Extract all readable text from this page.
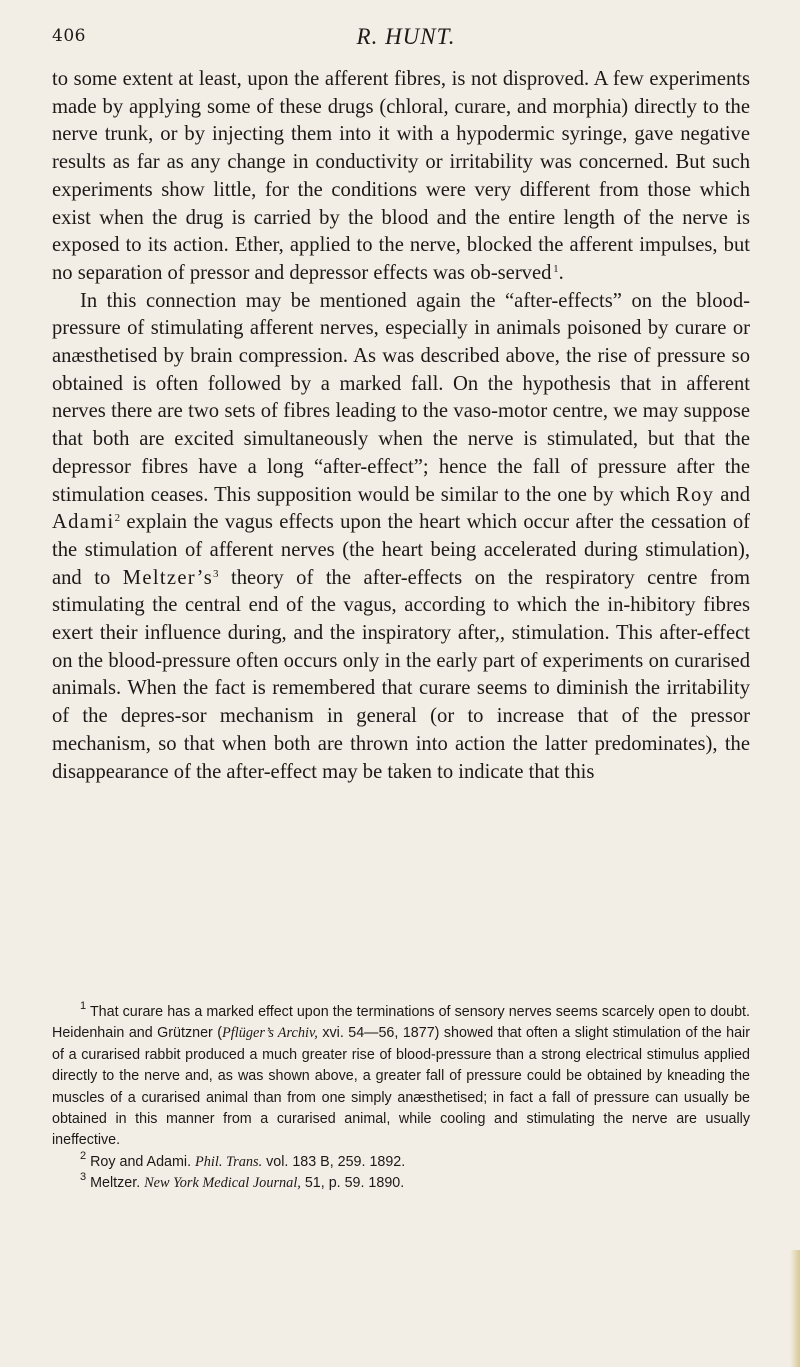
406	R. HUNT.

to some extent at least, upon the afferent fibres, is not disproved. A few experiments made by applying some of these drugs (chloral, curare, and morphia) directly to the nerve trunk, or by injecting them into it with a hypodermic syringe, gave negative results as far as any change in conductivity or irritability was concerned. But such experiments show little, for the conditions were very different from those which exist when the drug is carried by the blood and the entire length of the nerve is exposed to its action. Ether, applied to the nerve, blocked the afferent impulses, but no separation of pressor and depressor effects was ob-served  $^1$.

In this connection may be mentioned again the “after-effects” on the blood-pressure of stimulating afferent nerves, especially in animals poisoned by curare or anæsthetised by brain compression. As was described above, the rise of pressure so obtained is often followed by a marked fall. On the hypothesis that in afferent nerves there are two sets of fibres leading to the vaso-motor centre, we may suppose that both are excited simultaneously when the nerve is stimulated, but that the depressor fibres have a long “after-effect”; hence the fall of pressure after the stimulation ceases. This supposition would be similar to the one by which Roy and Adami$^2$ explain the vagus effects upon the heart which occur after the cessation of the stimulation of afferent nerves (the heart being accelerated during stimulation), and to $Meltzer’s^3$ theory of the after-effects on the respiratory centre from stimulating the central end of the vagus, according to which the in-hibitory fibres exert their influence during, and the inspiratory after,, stimulation. This after-effect on the blood-pressure often occurs only in the early part of experiments on curarised animals. When the fact is remembered that curare seems to diminish the irritability of the depres-sor mechanism in general (or to increase that of the pressor mechanism, so that when both are thrown into action the latter predominates), the disappearance of the after-effect may be taken to indicate that this

$^1$ That curare has a marked effect upon the terminations of sensory nerves seems scarcely open to doubt. Heidenhain and Grützner (Pflüger’s Archiv, xvi. 54—56, 1877) showed that often a slight stimulation of the hair of a curarised rabbit produced a much greater rise of blood-pressure than a strong electrical stimulus applied directly to the nerve and, as was shown above, a greater fall of pressure could be obtained by kneading the muscles of a curarised animal than from one simply anæsthetised; in fact a fall of pressure can usually be obtained in this manner from a curarised animal, while cooling and stimulating the nerve are usually ineffective.

$^2$ Roy and Adami. Phil. Trans. vol. 183 B, 259. 1892.

$^3$ Meltzer. New York Medical Journal, 51, p. 59. 1890.
